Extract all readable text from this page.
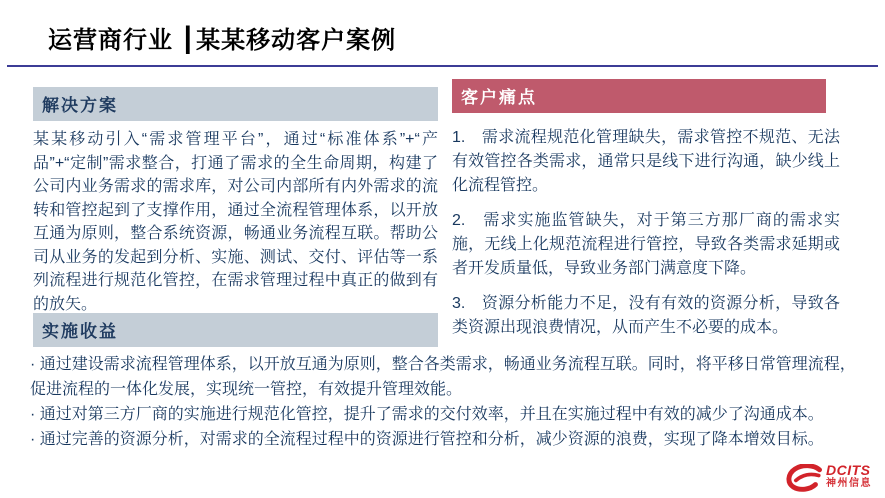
运营商行业 ┃某某移动客户案例
解决方案

某某移动引入“需求管理平台”，通过“标准体系”+“产品”+“定制”需求整合，打通了需求的全生命周期，构建了公司内业务需求的需求库，对公司内部所有内外需求的流转和管控起到了支撑作用，通过全流程管理体系，以开放互通为原则，整合系统资源，畅通业务流程互联。帮助公司从业务的发起到分析、实施、测试、交付、评估等一系列流程进行规范化管控，在需求管理过程中真正的做到有的放矢。

客户痛点

1.　需求流程规范化管理缺失，需求管控不规范、无法有效管控各类需求，通常只是线下进行沟通，缺少线上化流程管控。

2.　需求实施监管缺失，对于第三方那厂商的需求实施，无线上化规范流程进行管控，导致各类需求延期或者开发质量低，导致业务部门满意度下降。

3.　资源分析能力不足，没有有效的资源分析，导致各类资源出现浪费情况，从而产生不必要的成本。

实施收益

· 通过建设需求流程管理体系，以开放互通为原则，整合各类需求，畅通业务流程互联。同时，将平移日常管理流程，促进流程的一体化发展，实现统一管控，有效提升管理效能。

· 通过对第三方厂商的实施进行规范化管控，提升了需求的交付效率，并且在实施过程中有效的减少了沟通成本。

· 通过完善的资源分析，对需求的全流程过程中的资源进行管控和分析，减少资源的浪费，实现了降本增效目标。

DCITS
神州信息
